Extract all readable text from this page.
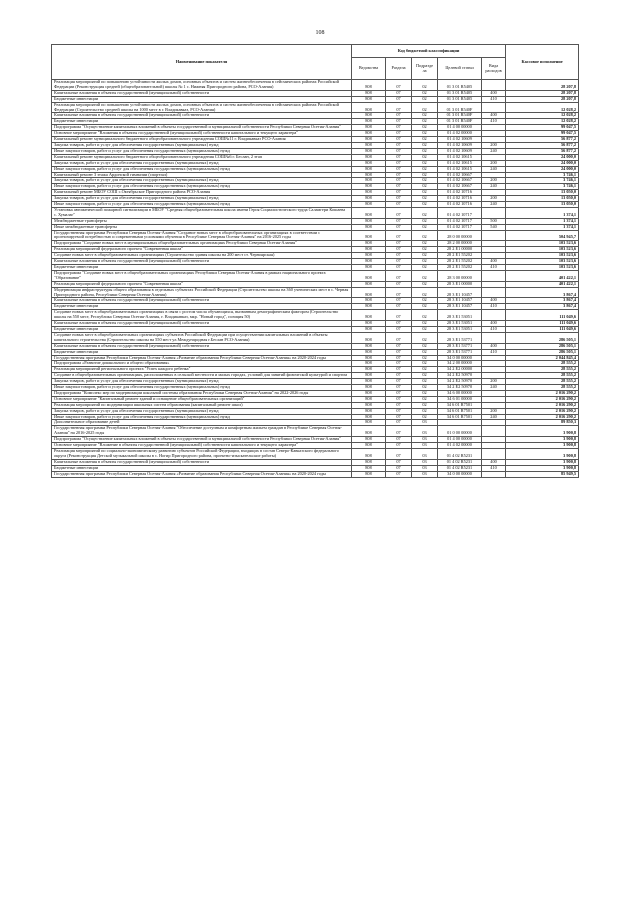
108
Наименование показателя	Код бюджетной классификации					Кассовое исполнение
	Ведомства	Раздела	Подразде ла	Целевой статьи	Вида расходов	
Реализация мероприятий по повышению устойчивости жилых домов, основных объектов и систем жизнеобеспечения в сейсмических районах Российской Федерации (Реконструкция средней (общеобразовательной) школы № 1 с. Нижняя Пригородного района, РСО-Алания)	808	07	02	01 3 01 R5405		28 207,8
Капитальные вложения в объекты государственной (муниципальной) собственности	808	07	02	01 3 01 R5405	400	28 207,8
Бюджетные инвестиции	808	07	02	01 3 01 R5405	410	28 207,8
Реализация мероприятий по повышению устойчивости жилых домов, основных объектов и систем жизнеобеспечения в сейсмических районах Российской Федерации (Строительство средней школы на 1000 мест в г. Владикавказ, РСО-Алания)	808	07	02	01 3 01 R540F		12 028,2
Капитальные вложения в объекты государственной (муниципальной) собственности	808	07	02	01 3 01 R540F	400	12 028,2
Бюджетные инвестиции	808	07	02	01 3 01 R540F	410	12 028,2
Подпрограмма "Осуществление капитальных вложений в объекты государственной и муниципальной собственности Республики Северная Осетия-Алания"	808	07	02	01 4 00 00000		99 047,5
Основное мероприятие "Вложения в объекты государственной (муниципальной) собственности капитального и текущего характера"	808	07	02	01 4 02 00000		99 047,5
Капитальный ремонт муниципального бюджетного общеобразовательного учреждения СОШ№11 г. Владикавказ РСО-Алания	808	07	02	01 4 02 10609		56 877,2
Закупка товаров, работ и услуг для обеспечения государственных (муниципальных) нужд	808	07	02	01 4 02 10609	200	56 877,2
Иные закупки товаров, работ и услуг для обеспечения государственных (муниципальных) нужд	808	07	02	01 4 02 10609	240	56 877,2
Капитальный ремонт муниципального бюджетного общеобразовательного учреждения СОШ№6 г. Беслан, 2 этап	808	07	02	01 4 02 10615		24 000,0
Закупка товаров, работ и услуг для обеспечения государственных (муниципальных) нужд	808	07	02	01 4 02 10615	200	24 000,0
Иные закупки товаров, работ и услуг для обеспечения государственных (муниципальных) нужд	808	07	02	01 4 02 10615	240	24 000,0
Капитальный ремонт 3 этажа Ардонской гимназии (спортзал)	808	07	02	01 4 02 10667		3 746,1
Закупка товаров, работ и услуг для обеспечения государственных (муниципальных) нужд	808	07	02	01 4 02 10667	200	3 746,1
Иные закупки товаров, работ и услуг для обеспечения государственных (муниципальных) нужд	808	07	02	01 4 02 10667	240	3 746,1
Капитальный ремонт МБОУ СОШ с.Октябрьское Пригородного района РСО-Алания	808	07	02	01 4 02 10716		13 050,0
Закупка товаров, работ и услуг для обеспечения государственных (муниципальных) нужд	808	07	02	01 4 02 10716	200	13 050,0
Иные закупки товаров, работ и услуг для обеспечения государственных (муниципальных) нужд	808	07	02	01 4 02 10716	240	13 050,0
Установка автоматической пожарной сигнализации в МБОУ "Средняя общеобразовательная школа имени Героя Социалистического труда Саламгери Кошаева с. Хумалаг"	808	07	02	01 4 02 10717		1 374,1
Межбюджетные трансферты	808	07	02	01 4 02 10717	500	1 374,1
Иные межбюджетные трансферты	808	07	02	01 4 02 10717	540	1 374,1
Государственная программа Республики Северная Осетия-Алания "Создание новых мест в общеобразовательных организациях в соответствии с прогнозируемой потребностью и современными условиями обучения в Республике Северная Осетия-Алания" на 2016-2025 годы	808	07	02	28 0 00 00000		504 945,7
Подпрограмма "Создание новых мест в муниципальных общеобразовательных организациях Республики Северная Осетия-Алания"	808	07	02	28 2 00 00000		103 523,6
Реализация мероприятий федерального проекта "Современная школа"	808	07	02	28 2 E1 00000		103 523,6
Создание новых мест в общеобразовательных организациях (Строительство здания школы на 200 мест ст. Черноярская)	808	07	02	28 2 E1 55202		103 523,6
Капитальные вложения в объекты государственной (муниципальной) собственности	808	07	02	28 2 E1 55202	400	103 523,6
Бюджетные инвестиции	808	07	02	28 2 E1 55202	410	103 523,6
Подпрограмма "Создание новых мест в общеобразовательных организациях Республики Северная Осетия-Алания в рамках национального проекта "Образование"	808	07	02	28 3 00 00000		401 422,1
Реализация мероприятий федерального проекта "Современная школа"	808	07	02	28 3 E1 00000		401 422,1
Модернизация инфраструктуры общего образования в отдельных субъектах Российской Федерации (Строительство школы на 360 ученических мест в с. Черная Пригородного района, Республики Северная Осетия-Алания)	808	07	02	28 3 E1 10457		3 867,4
Капитальные вложения в объекты государственной (муниципальной) собственности	808	07	02	28 3 E1 10457	400	3 867,4
Бюджетные инвестиции	808	07	02	28 3 E1 10457	410	3 867,4
Создание новых мест в общеобразовательных организациях в связи с ростом числа обучающихся, вызванным демографическим фактором (Строительство школы на 550 мест, Республика Северная Осетия-Алания, г. Владикавказ, мкр. "Новый город", позиция 50)	808	07	02	28 3 E1 53051		111 049,6
Капитальные вложения в объекты государственной (муниципальной) собственности	808	07	02	28 3 E1 53051	400	111 049,6
Бюджетные инвестиции	808	07	02	28 3 E1 53051	410	111 049,6
Создание новых мест в общеобразовательных организациях субъектов Российской Федерации при осуществлении капитальных вложений в объекты капитального строительства (Строительство школы на 550 мест ул.Международная г.Беслан РСО-Алания)	808	07	02	28 3 E1 53771		286 505,1
Капитальные вложения в объекты государственной (муниципальной) собственности	808	07	02	28 3 E1 53771	400	286 505,1
Бюджетные инвестиции	808	07	02	28 3 E1 53771	410	286 505,1
Государственная программа Республики Северная Осетия-Алания «Развитие образования Республики Северная Осетия-Алания» на 2020-2024 годы	808	07	02	34 0 00 00000		2 044 845,4
Подпрограмма «Развитие дошкольного и общего образования»	808	07	02	34 2 00 00000		28 555,2
Реализация мероприятий регионального проекта "Успех каждого ребенка"	808	07	02	34 2 E2 00000		28 555,2
Создание в общеобразовательных организациях, расположенных в сельской местности и малых городах, условий для занятий физической культурой и спортом	808	07	02	34 2 E2 50970		28 555,2
Закупка товаров, работ и услуг для обеспечения государственных (муниципальных) нужд	808	07	02	34 2 E2 50970	200	28 555,2
Иные закупки товаров, работ и услуг для обеспечения государственных (муниципальных) нужд	808	07	02	34 2 E2 50970	240	28 555,2
Подпрограмма "Комплекс мер по модернизации школьной системы образования Республики Северная Осетия-Алания" на 2022-2026 годы	808	07	02	34 6 00 00000		2 016 290,2
Основное мероприятие "Капитальный ремонт зданий и оснащение общеобразовательных организаций"	808	07	02	34 6 01 00000		2 016 290,2
Реализация мероприятий по модернизации школьных систем образования (капитальный ремонт школ)	808	07	02	34 6 01 R7501		2 016 290,2
Закупка товаров, работ и услуг для обеспечения государственных (муниципальных) нужд	808	07	02	34 6 01 R7501	200	2 016 290,2
Иные закупки товаров, работ и услуг для обеспечения государственных (муниципальных) нужд	808	07	02	34 6 01 R7501	240	2 016 290,2
Дополнительное образование детей	808	07	03			89 850,3
Государственная программа Республики Северная Осетия-Алания "Обеспечение доступным и комфортным жильем граждан в Республике Северная Осетия-Алания" на 2016-2025 годы	808	07	03	01 0 00 00000		3 900,8
Подпрограмма "Осуществление капитальных вложений в объекты государственной и муниципальной собственности Республики Северная Осетия-Алания"	808	07	03	01 4 00 00000		3 900,8
Основное мероприятие "Вложение в объекты государственной (муниципальной) собственности капитального и текущего характера"	808	07	03	01 4 02 00000		3 900,8
Реализация мероприятий по социально-экономическому развитию субъектов Российской Федерации, входящих в состав Северо-Кавказского федерального округа (Реконструкция Детской музыкальной школы в с. Ногир Пригородного района, проектно-изыскательские работы)	808	07	03	01 4 02 R5231		3 900,8
Капитальные вложения в объекты государственной (муниципальной) собственности	808	07	03	01 4 02 R5231	400	3 900,8
Бюджетные инвестиции	808	07	03	01 4 02 R5231	410	3 900,8
Государственная программа Республики Северная Осетия-Алания «Развитие образования Республики Северная Осетия-Алания» на 2020-2024 годы	808	07	03	34 0 00 00000		85 949,5
